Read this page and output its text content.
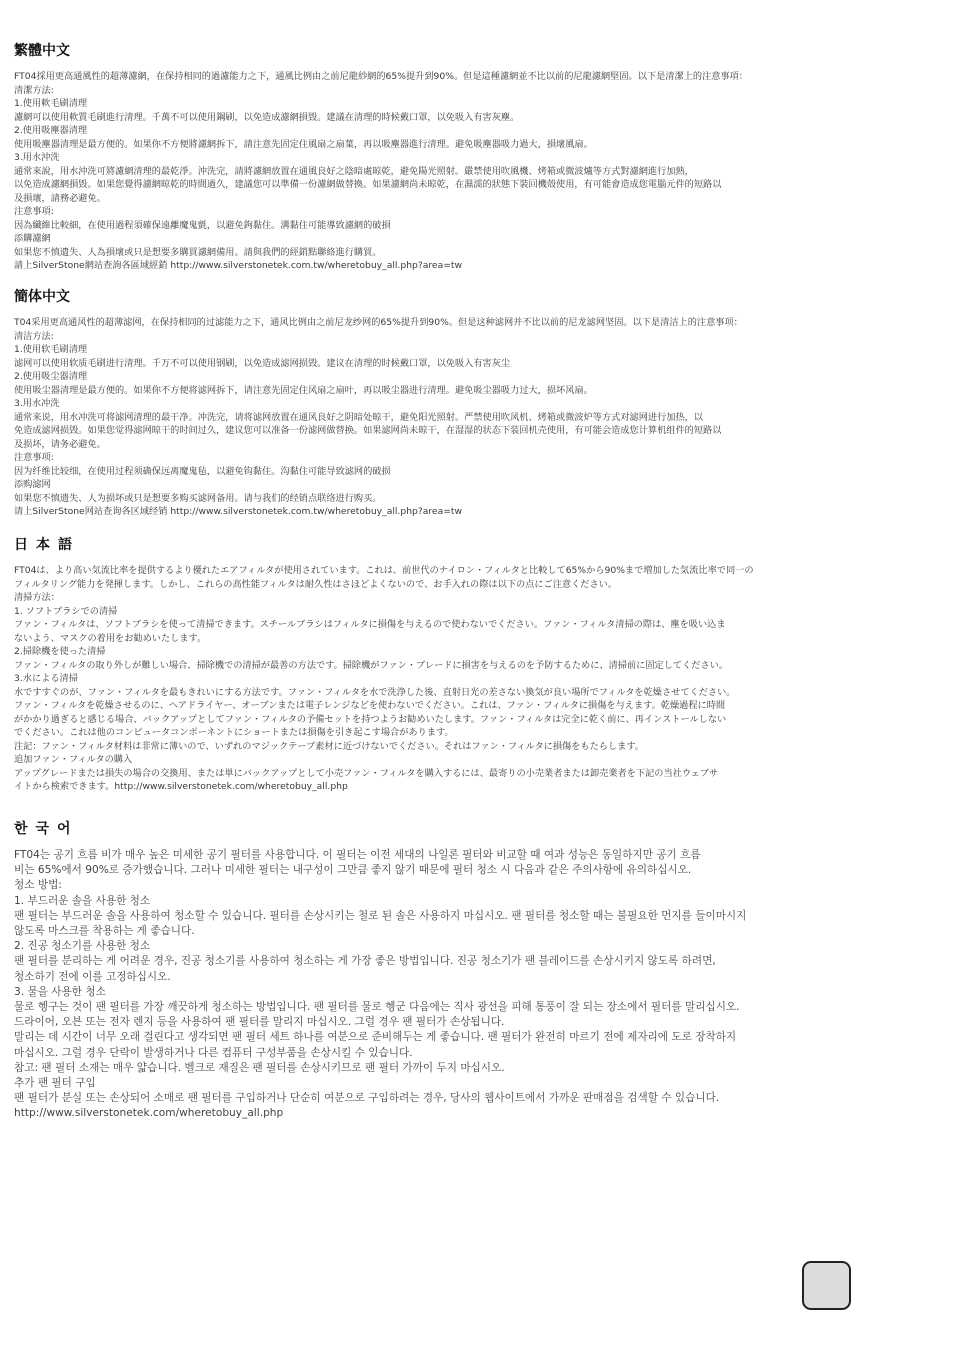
繁體中文
FT04採用更高通風性的超薄濾網，在保持相同的過濾能力之下，通風比例由之前尼龍紗網的65%提升到90%。但是這種濾網並不比以前的尼龍濾網堅固。以下是清潔上的注意事項：
清潔方法:
1.使用軟毛刷清理
濾網可以使用軟質毛刷進行清理。千萬不可以使用鋼刷，以免造成濾網損毀。建議在清理的時候戴口罩，以免吸入有害灰塵。
2.使用吸塵器清理
使用吸塵器清理是最方便的。如果你不方便將濾網拆下，請注意先固定住風扇之扇葉，再以吸塵器進行清理。避免吸塵器吸力過大，損壞風扇。
3.用水沖洗
通常來說，用水沖洗可將濾網清理的最乾淨。沖洗完，請將濾網放置在通風良好之陰暗處晾乾，避免陽光照射。嚴禁使用吹風機、烤箱或微波爐等方式對濾網進行加熱，
以免造成濾網損毀。如果您覺得濾網晾乾的時間過久，建議您可以準備一份濾網做替換。如果濾網尚未晾乾，在濕濡的狀態下裝回機殼使用，有可能會造成您電腦元件的短路以
及損壞，請務必避免。
注意事項:
因為纖維比較細，在使用過程須確保遠離魔鬼氈，以避免鉤黏住。溝黏住可能導致濾網的破損
添購濾網
如果您不慎遺失、人為損壞或只是想要多購買濾網備用。請與我們的經銷點聯絡進行購買。
請上SilverStone網站查詢各區域經銷 http://www.silverstonetek.com.tw/wheretobuy_all.php?area=tw
簡体中文
T04采用更高通风性的超薄滤网，在保持相同的过滤能力之下，通风比例由之前尼龙纱网的65%提升到90%。但是这种滤网并不比以前的尼龙滤网坚固。以下是清洁上的注意事项：
清洁方法:
1.使用软毛刷清理
滤网可以使用软质毛刷进行清理。千万不可以使用钢刷，以免造成滤网损毁。建议在清理的时候戴口罩，以免吸入有害灰尘
2.使用吸尘器清理
使用吸尘器清理是最方便的。如果你不方便将滤网拆下，请注意先固定住风扇之扇叶，再以吸尘器进行清理。避免吸尘器吸力过大，损坏风扇。
3.用水冲洗
通常来说，用水冲洗可将滤网清理的最干净。冲洗完，请将滤网放置在通风良好之阴暗处晾干，避免阳光照射。严禁使用吹风机、烤箱或微波炉等方式对滤网进行加热，以
免造成滤网损毁。如果您觉得滤网晾干的时间过久，建议您可以准备一份滤网做替换。如果滤网尚未晾干，在湿湿的状态下装回机壳使用，有可能会造成您计算机组件的短路以
及损坏，请务必避免。
注意事项:
因为纤维比较细，在使用过程须确保远离魔鬼毡，以避免钩黏住。沟黏住可能导致滤网的破损
添购滤网
如果您不慎遗失、人为损坏或只是想要多购买滤网备用。请与我们的经销点联络进行购买。
请上SilverStone网站查询各区域经销 http://www.silverstonetek.com.tw/wheretobuy_all.php?area=tw
日本語
FT04は、より高い気流比率を提供するより優れたエアフィルタが使用されています。これは、前世代のナイロン・フィルタと比較して65%から90%まで増加した気流比率で同一の
フィルタリング能力を発揮します。しかし、これらの高性能フィルタは耐久性はさほどよくないので、お手入れの際は以下の点にご注意ください。
清掃方法：
1. ソフトブラシでの清掃
ファン・フィルタは、ソフトブラシを使って清掃できます。スチールブラシはフィルタに損傷を与えるので使わないでください。ファン・フィルタ清掃の際は、塵を吸い込ま
ないよう、マスクの着用をお勧めいたします。
2.掃除機を使った清掃
ファン・フィルタの取り外しが難しい場合、掃除機での清掃が最善の方法です。掃除機がファン・ブレードに損害を与えるのを予防するために、清掃前に固定してください。
3.水による清掃
水ですすぐのが、ファン・フィルタを最もきれいにする方法です。ファン・フィルタを水で洗浄した後、直射日光の差さない換気が良い場所でフィルタを乾燥させてください。
ファン・フィルタを乾燥させるのに、ヘアドライヤー、オーブンまたは電子レンジなどを使わないでください。これは、ファン・フィルタに損傷を与えます。乾燥過程に時間
がかかり過ぎると感じる場合、バックアップとしてファン・フィルタの予備セットを持つようお勧めいたします。ファン・フィルタは完全に乾く前に、再インストールしない
でください。これは他のコンピュータコンポーネントにショートまたは損傷を引き起こす場合があります。
注記：ファン・フィルタ材料は非常に薄いので、いずれのマジックテープ素材に近づけないでください。それはファン・フィルタに損傷をもたらします。
追加ファン・フィルタの購入
アップグレードまたは損失の場合の交換用、または単にバックアップとして小売ファン・フィルタを購入するには、最寄りの小売業者または卸売業者を下記の当社ウェブサ
イトから検索できます。http://www.silverstonetek.com/wheretobuy_all.php
한국어
FT04는 공기 흐름 비가 매우 높은 미세한 공기 필터를 사용합니다. 이 필터는 이전 세대의 나일론 필터와 비교할 때 여과 성능은 동일하지만 공기 흐름
비는 65%에서 90%로 증가했습니다. 그러나 미세한 필터는 내구성이 그만큼 좋지 않기 때문에 필터 청소 시 다음과 같은 주의사항에 유의하십시오.
청소 방법:
1. 부드러운 솔을 사용한 청소
팬 필터는 부드러운 솔을 사용하여 청소할 수 있습니다. 필터를 손상시키는 철로 된 솔은 사용하지 마십시오. 팬 필터를 청소할 때는 불필요한 먼지를 들이마시지
않도록 마스크를 착용하는 게 좋습니다.
2. 진공 청소기를 사용한 청소
팬 필터를 분리하는 게 어려운 경우, 진공 청소기를 사용하여 청소하는 게 가장 좋은 방법입니다. 진공 청소기가 팬 블레이드를 손상시키지 않도록 하려면,
청소하기 전에 이를 고정하십시오.
3. 물을 사용한 청소
물로 헹구는 것이 팬 필터를 가장 깨끗하게 청소하는 방법입니다. 팬 필터를 물로 헹군 다음에는 직사 광선을 피해 통풍이 잘 되는 장소에서 필터를 말리십시오.
드라이어, 오븐 또는 전자 렌지 등을 사용하여 팬 필터를 말리지 마십시오. 그럴 경우 팬 필터가 손상됩니다.
말리는 데 시간이 너무 오래 걸린다고 생각되면 팬 필터 세트 하나를 여분으로 준비해두는 게 좋습니다. 팬 필터가 완전히 마르기 전에 제자리에 도로 장착하지
마십시오. 그럴 경우 단락이 발생하거나 다른 컴퓨터 구성부품을 손상시킬 수 있습니다.
참고: 팬 필터 소재는 매우 얇습니다. 벨크로 재질은 팬 필터를 손상시키므로 팬 필터 가까이 두지 마십시오.
추가 팬 필터 구입
팬 필터가 분실 또는 손상되어 소매로 팬 필터를 구입하거나 단순히 여분으로 구입하려는 경우, 당사의 웹사이트에서 가까운 판매점을 검색할 수 있습니다.
http://www.silverstonetek.com/wheretobuy_all.php
